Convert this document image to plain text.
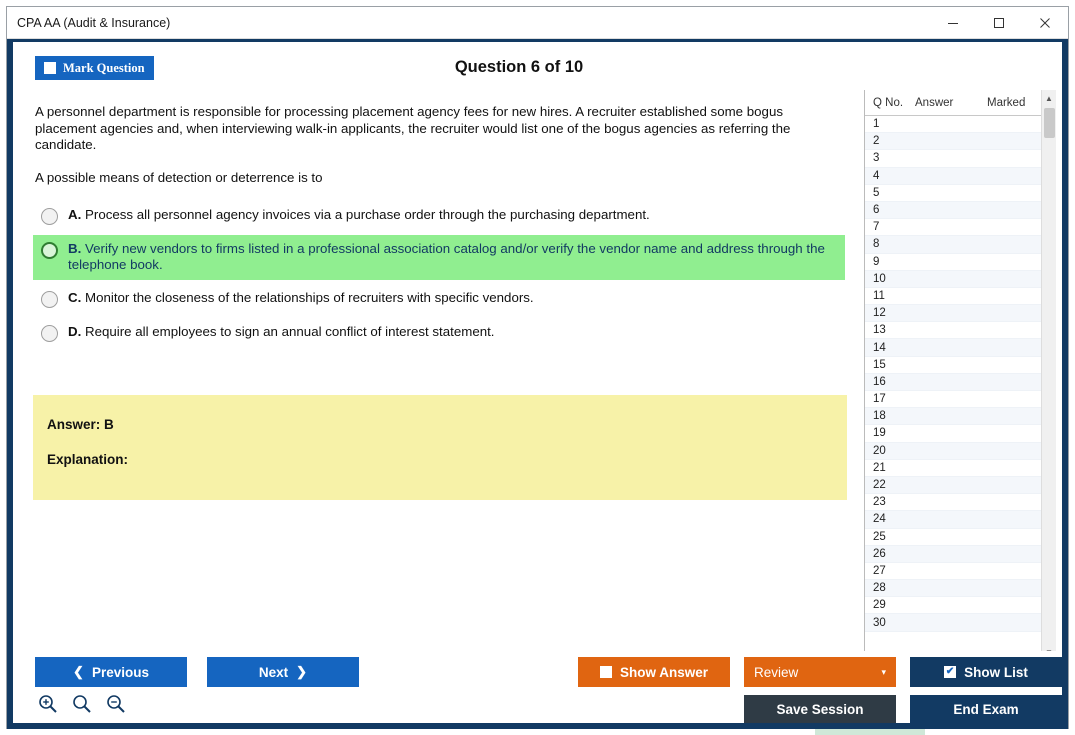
CPA AA (Audit & Insurance)
Mark Question	Question 6 of 10
A personnel department is responsible for processing placement agency fees for new hires. A recruiter established some bogus placement agencies and, when interviewing walk-in applicants, the recruiter would list one of the bogus agencies as referring the candidate.
A possible means of detection or deterrence is to
A. Process all personnel agency invoices via a purchase order through the purchasing department.
B. Verify new vendors to firms listed in a professional association catalog and/or verify the vendor name and address through the telephone book.
C. Monitor the closeness of the relationships of recruiters with specific vendors.
D. Require all employees to sign an annual conflict of interest statement.
Answer: B
Explanation:
Q No.	Answer	Marked
1
2
3
4
5
6
7
8
9
10
11
12
13
14
15
16
17
18
19
20
21
22
23
24
25
26
27
28
29
30
▲
❮ Previous	Next ❯	Show Answer	Review	▾	✔ Show List
Save Session	End Exam
